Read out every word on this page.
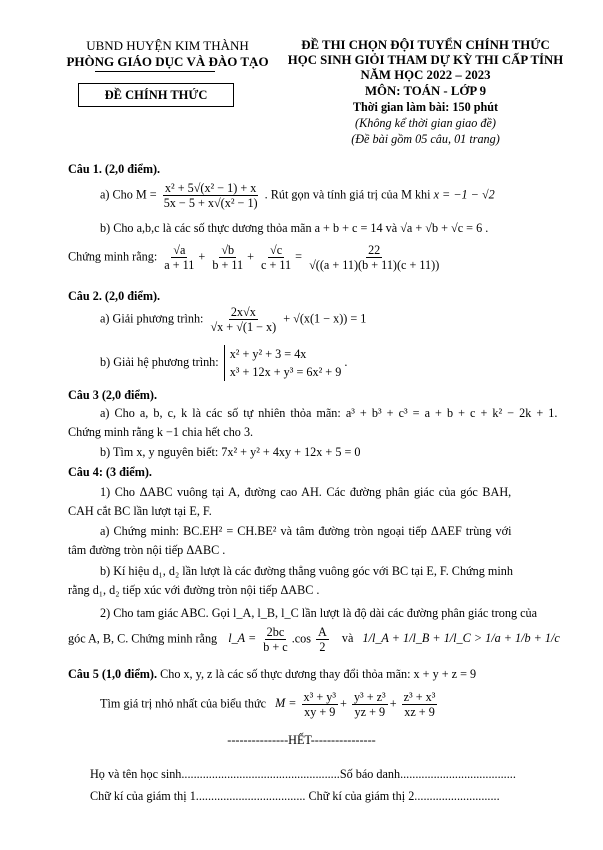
UBND HUYỆN KIM THÀNH
PHÒNG GIÁO DỤC VÀ ĐÀO TẠO
ĐỀ CHÍNH THỨC
ĐỀ THI CHỌN ĐỘI TUYỂN CHÍNH THỨC
HỌC SINH GIỎI THAM DỰ KỲ THI CẤP TỈNH
NĂM HỌC 2022 – 2023
MÔN: TOÁN - LỚP 9
Thời gian làm bài: 150 phút
(Không kể thời gian giao đề)
(Đề bài gồm 05 câu, 01 trang)
Câu 1. (2,0 điểm).
a) Cho $M = \frac{\text{x² + 5√(x² − 1) + x}}{\text{5x − 5 + x√(x² − 1)}}$ . Rút gọn và tính giá trị của M khi x = −1 − √2
b) Cho a,b,c là các số thực dương thỏa mãn a + b + c = 14 và √a + √b + √c = 6 .
Chứng minh rằng: $\frac{√a}{a + 11} + \frac{√b}{b + 11} + \frac{√c}{c + 11} = \frac{22}{√((a + 11)(b + 11)(c + 11))}$
Câu 2. (2,0 điểm).
a) Giải phương trình: $\frac{2x√x}{√x + √(1 - x)} + √(x(1 - x)) = 1$
b) Giải hệ phương trình:
x² + y² + 3 = 4x
x³ + 12x + y³ = 6x² + 9
.
Câu 3 (2,0 điểm).
a) Cho a, b, c, k là các số tự nhiên thỏa mãn: a³ + b³ + c³ = a + b + c + k² − 2k + 1.
Chứng minh rằng k −1 chia hết cho 3.
b) Tìm x, y nguyên biết: 7x² + y² + 4xy + 12x + 5 = 0
Câu 4: (3 điểm).
1) Cho ΔABC vuông tại A, đường cao AH. Các đường phân giác của góc BAH,
CAH cắt BC lần lượt tại E, F.
a) Chứng minh: BC.EH² = CH.BE² và tâm đường tròn ngoại tiếp ΔAEF trùng với
tâm đường tròn nội tiếp ΔABC .
b) Kí hiệu d₁, d₂ lần lượt là các đường thẳng vuông góc với BC tại E, F. Chứng minh
rằng d₁, d₂ tiếp xúc với đường tròn nội tiếp ΔABC .
2) Cho tam giác ABC. Gọi l_A, l_B, l_C lần lượt là độ dài các đường phân giác trong của
góc A, B, C. Chứng minh rằng l_A = $\frac{2bc}{b + c} .\cos \frac{A}{2}$ và 1/l_A + 1/l_B + 1/l_C > 1/a + 1/b + 1/c
Câu 5 (1,0 điểm). Cho x, y, z là các số thực dương thay đổi thỏa mãn: x + y + z = 9
Tìm giá trị nhỏ nhất của biểu thức $M = \frac{\text{x³ + y³}}{xy + 9} + \frac{\text{y³ + z³}}{yz + 9} + \frac{\text{z³ + x³}}{xz + 9}$
---------------HẾT----------------
Họ và tên học sinh....................................................Số báo danh......................................
Chữ kí của giám thị 1.................................... Chữ kí của giám thị 2............................
